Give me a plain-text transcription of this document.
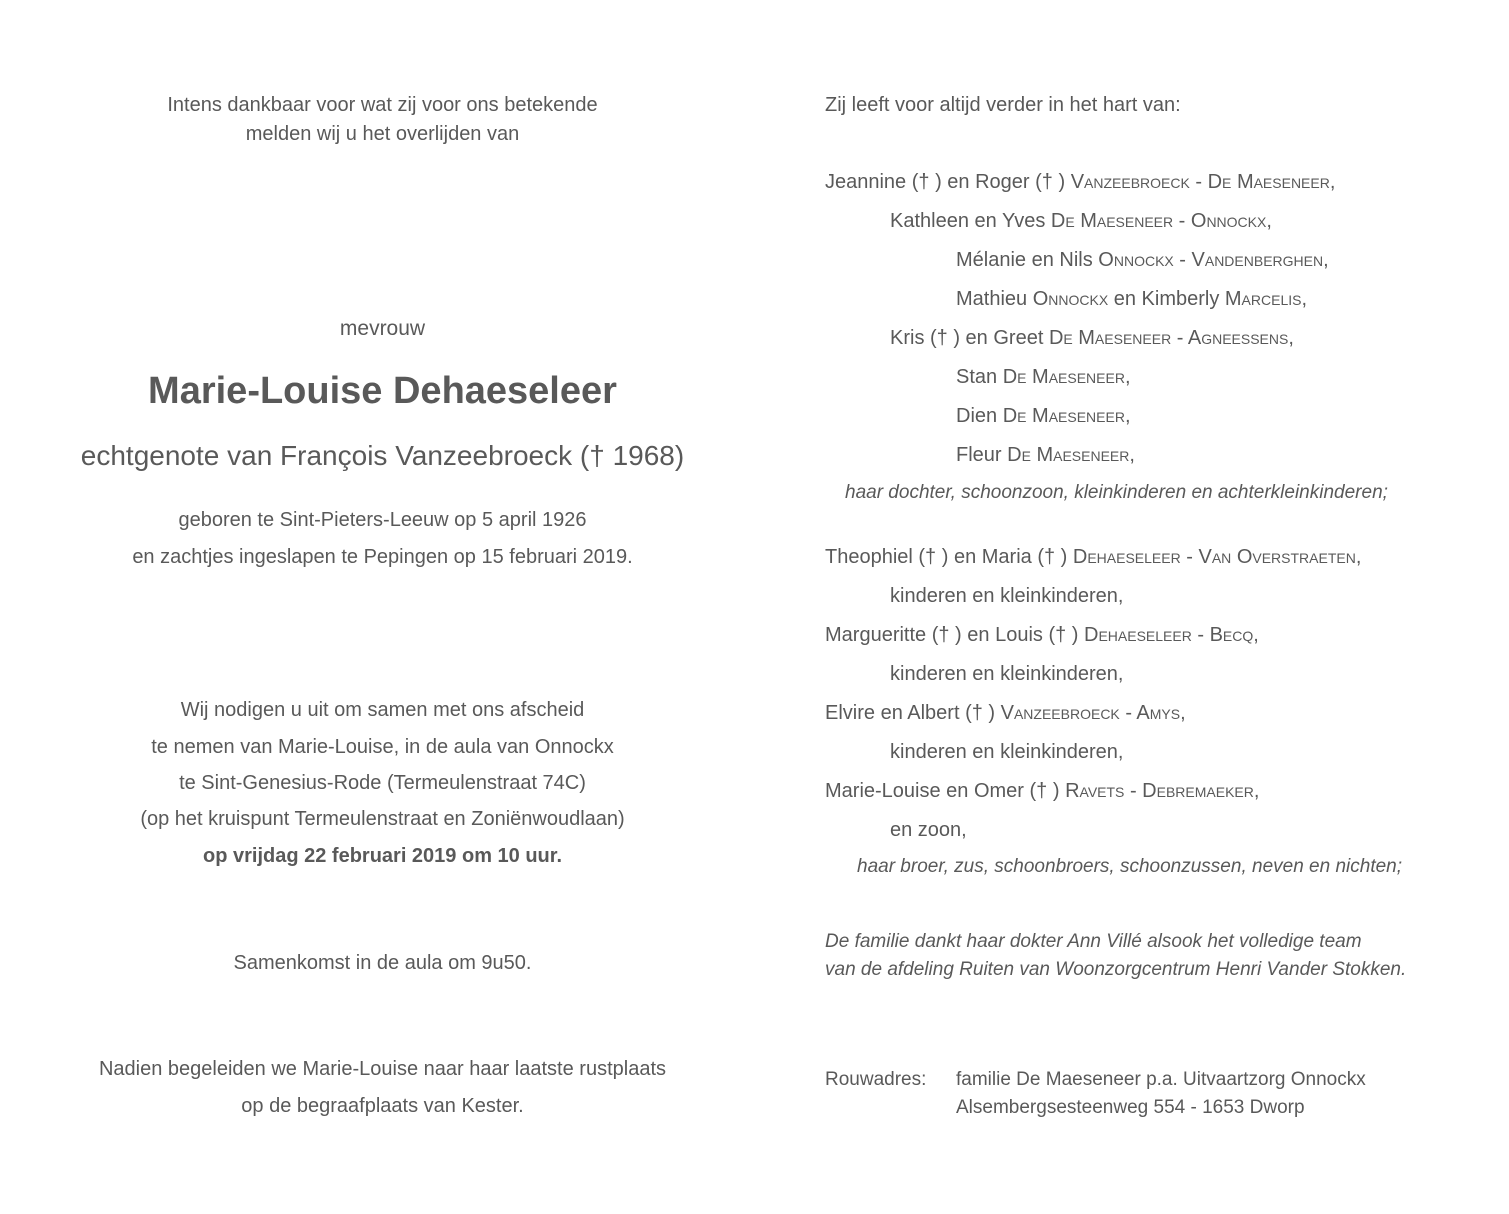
Intens dankbaar voor wat zij voor ons betekende
melden wij u het overlijden van
mevrouw
Marie-Louise Dehaeseleer
echtgenote van François Vanzeebroeck († 1968)
geboren te Sint-Pieters-Leeuw op 5 april 1926
en zachtjes ingeslapen te Pepingen op 15 februari 2019.
Wij nodigen u uit om samen met ons afscheid
te nemen van Marie-Louise, in de aula van Onnockx
te Sint-Genesius-Rode (Termeulenstraat 74C)
(op het kruispunt Termeulenstraat en Zoniënwoudlaan)
op vrijdag 22 februari 2019 om 10 uur.
Samenkomst in de aula om 9u50.
Nadien begeleiden we Marie-Louise naar haar laatste rustplaats
op de begraafplaats van Kester.
Zij leeft voor altijd verder in het hart van:
Jeannine († ) en Roger († ) Vanzeebroeck - De Maeseneer,
Kathleen en Yves De Maeseneer - Onnockx,
Mélanie en Nils Onnockx - Vandenberghen,
Mathieu Onnockx en Kimberly Marcelis,
Kris († ) en Greet De Maeseneer - Agneessens,
Stan De Maeseneer,
Dien De Maeseneer,
Fleur De Maeseneer,
haar dochter, schoonzoon, kleinkinderen en achterkleinkinderen;
Theophiel († ) en Maria († ) Dehaeseleer - Van Overstraeten,
kinderen en kleinkinderen,
Margueritte († ) en Louis († ) Dehaeseleer - Becq,
kinderen en kleinkinderen,
Elvire en Albert († ) Vanzeebroeck - Amys,
kinderen en kleinkinderen,
Marie-Louise en Omer († ) Ravets - Debremaeker,
en zoon,
haar broer, zus, schoonbroers, schoonzussen, neven en nichten;
De familie dankt haar dokter Ann Villé alsook het volledige team
van de afdeling Ruiten van Woonzorgcentrum Henri Vander Stokken.
Rouwadres: familie De Maeseneer p.a. Uitvaartzorg Onnockx
Alsembergsesteenweg 554 - 1653 Dworp
